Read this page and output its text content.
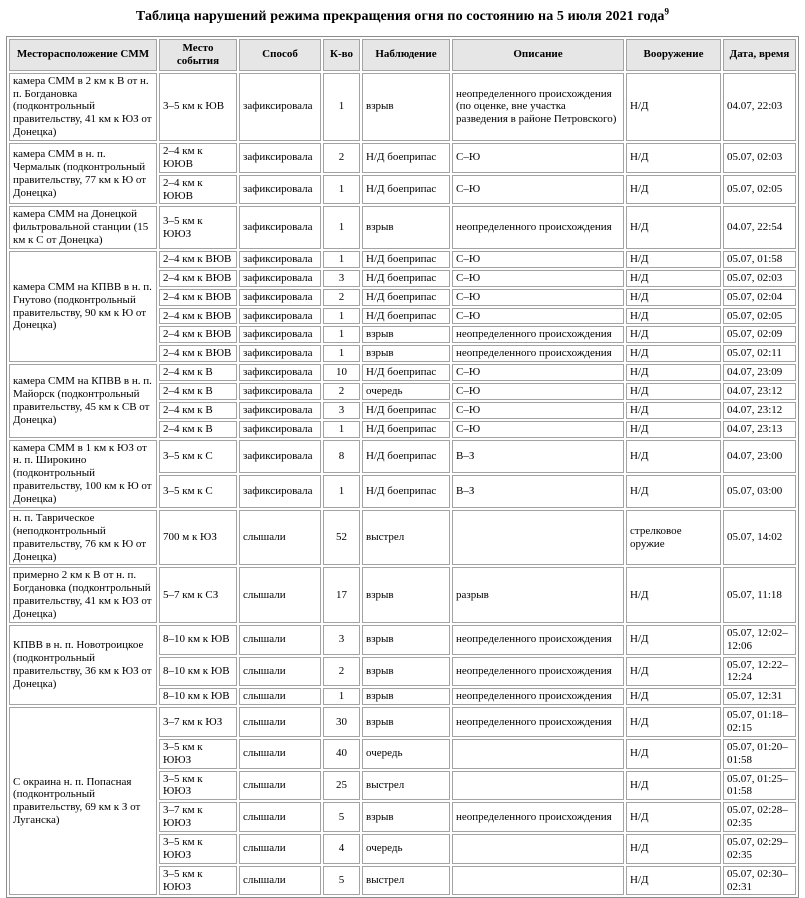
Таблица нарушений режима прекращения огня по состоянию на 5 июля 2021 года$^9$
Месторасположение СММ	Место события	Способ	К-во	Наблюдение	Описание	Вооружение	Дата, время
камера СММ в 2 км к В от н. п. Богдановка (подконтрольный правительству, 41 км к ЮЗ от Донецка)	3–5 км к ЮВ	зафиксировала	1	взрыв	неопределенного происхождения (по оценке, вне участка разведения в районе Петровского)	Н/Д	04.07, 22:03
камера СММ в н. п. Чермалык (подконтрольный правительству, 77 км к Ю от Донецка)	2–4 км к ЮЮВ	зафиксировала	2	Н/Д боеприпас	С–Ю	Н/Д	05.07, 02:03
	2–4 км к ЮЮВ	зафиксировала	1	Н/Д боеприпас	С–Ю	Н/Д	05.07, 02:05
камера СММ на Донецкой фильтровальной станции (15 км к С от Донецка)	3–5 км к ЮЮЗ	зафиксировала	1	взрыв	неопределенного происхождения	Н/Д	04.07, 22:54
камера СММ на КПВВ в н. п. Гнутово (подконтрольный правительству, 90 км к Ю от Донецка)	2–4 км к ВЮВ	зафиксировала	1	Н/Д боеприпас	С–Ю	Н/Д	05.07, 01:58
	2–4 км к ВЮВ	зафиксировала	3	Н/Д боеприпас	С–Ю	Н/Д	05.07, 02:03
	2–4 км к ВЮВ	зафиксировала	2	Н/Д боеприпас	С–Ю	Н/Д	05.07, 02:04
	2–4 км к ВЮВ	зафиксировала	1	Н/Д боеприпас	С–Ю	Н/Д	05.07, 02:05
	2–4 км к ВЮВ	зафиксировала	1	взрыв	неопределенного происхождения	Н/Д	05.07, 02:09
	2–4 км к ВЮВ	зафиксировала	1	взрыв	неопределенного происхождения	Н/Д	05.07, 02:11
камера СММ на КПВВ в н. п. Майорск (подконтрольный правительству, 45 км к СВ от Донецка)	2–4 км к В	зафиксировала	10	Н/Д боеприпас	С–Ю	Н/Д	04.07, 23:09
	2–4 км к В	зафиксировала	2	очередь	С–Ю	Н/Д	04.07, 23:12
	2–4 км к В	зафиксировала	3	Н/Д боеприпас	С–Ю	Н/Д	04.07, 23:12
	2–4 км к В	зафиксировала	1	Н/Д боеприпас	С–Ю	Н/Д	04.07, 23:13
камера СММ в 1 км к ЮЗ от н. п. Широкино (подконтрольный правительству, 100 км к Ю от Донецка)	3–5 км к С	зафиксировала	8	Н/Д боеприпас	В–З	Н/Д	04.07, 23:00
	3–5 км к С	зафиксировала	1	Н/Д боеприпас	В–З	Н/Д	05.07, 03:00
н. п. Таврическое (неподконтрольный правительству, 76 км к Ю от Донецка)	700 м к ЮЗ	слышали	52	выстрел		стрелковое оружие	05.07, 14:02
примерно 2 км к В от н. п. Богдановка (подконтрольный правительству, 41 км к ЮЗ от Донецка)	5–7 км к СЗ	слышали	17	взрыв	разрыв	Н/Д	05.07, 11:18
КПВВ в н. п. Новотроицкое (подконтрольный правительству, 36 км к ЮЗ от Донецка)	8–10 км к ЮВ	слышали	3	взрыв	неопределенного происхождения	Н/Д	05.07, 12:02–12:06
	8–10 км к ЮВ	слышали	2	взрыв	неопределенного происхождения	Н/Д	05.07, 12:22–12:24
	8–10 км к ЮВ	слышали	1	взрыв	неопределенного происхождения	Н/Д	05.07, 12:31
С окраина н. п. Попасная (подконтрольный правительству, 69 км к З от Луганска)	3–7 км к ЮЗ	слышали	30	взрыв	неопределенного происхождения	Н/Д	05.07, 01:18–02:15
	3–5 км к ЮЮЗ	слышали	40	очередь		Н/Д	05.07, 01:20–01:58
	3–5 км к ЮЮЗ	слышали	25	выстрел		Н/Д	05.07, 01:25–01:58
	3–7 км к ЮЮЗ	слышали	5	взрыв	неопределенного происхождения	Н/Д	05.07, 02:28–02:35
	3–5 км к ЮЮЗ	слышали	4	очередь		Н/Д	05.07, 02:29–02:35
	3–5 км к ЮЮЗ	слышали	5	выстрел		Н/Д	05.07, 02:30–02:31
